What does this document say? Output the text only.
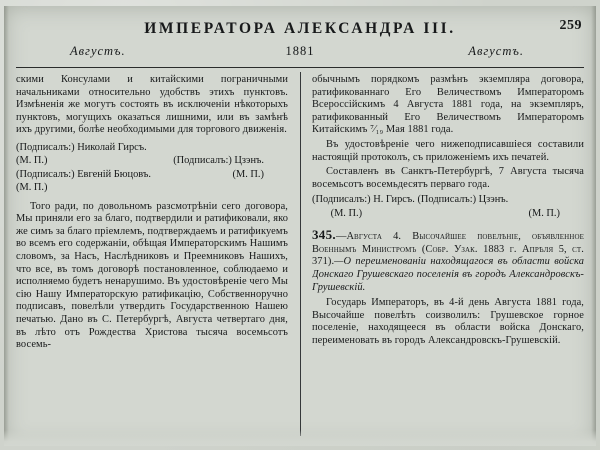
ИМПЕРАТОРА АЛЕКСАНДРА III.	259
Августъ.	1881	Августъ.

скими Консулами и китайскими пограничными начальниками относительно удобствъ этихъ пунктовъ. Измѣненія же могутъ состоять въ исключеніи нѣкоторыхъ пунктовъ, могущихъ оказаться лишними, или въ замѣнѣ ихъ другими, болѣе необходимыми для торгового движенія.

(Подписалъ:) Николай Гирсъ.
(М. П.)	(Подписалъ:) Цзэнъ.
(Подписалъ:) Евгеній Бюцовъ.	(М. П.)
(М. П.)

Того ради, по довольномъ разсмотрѣніи сего договора, Мы приняли его за благо, подтвердили и ратификовали, яко же симъ за благо пріемлемъ, подтверждаемъ и ратификуемъ во всемъ его содержаніи, обѣщая Императорскимъ Нашимъ словомъ, за Насъ, Наслѣдниковъ и Преемниковъ Нашихъ, что все, въ томъ договорѣ постановленное, соблюдаемо и исполняемо будетъ ненарушимо. Въ удостовѣреніе чего Мы сію Нашу Императорскую ратификацію, Собственноручно подписавъ, повелѣли утвердить Государственною Нашею печатью. Дано въ С. Петербургѣ, Августа четвертаго дня, въ лѣто отъ Рождества Христова тысяча восемьсотъ восемь-

обычнымъ порядкомъ размѣнъ экземпляра договора, ратификованнаго Его Величествомъ Императоромъ Всероссійскимъ 4 Августа 1881 года, на экземпляръ, ратификованный Его Величествомъ Императоромъ Китайскимъ ⁷⁄₁₉ Мая 1881 года.

Въ удостовѣреніе чего нижеподписавшіеся составили настоящій протоколъ, съ приложеніемъ ихъ печатей.

Составленъ въ Санктъ-Петербургѣ, 7 Августа тысяча восемьсотъ восемьдесятъ перваго года.

(Подписалъ:) Н. Гирсъ. (Подписалъ:) Цзэнъ.
(М. П.)	(М. П.)

345.—Августа 4. Высочайшее повелѣніе, объявленное Военнымъ Министромъ (Собр. Узак. 1883 г. Апрѣля 5, ст. 371).—О переименованіи находящагося въ области войска Донскаго Грушевскаго поселенія въ городъ Александровскъ-Грушевскій.

Государь Императоръ, въ 4-й день Августа 1881 года, Высочайше повелѣть соизволилъ: Грушевское горное поселеніе, находящееся въ области войска Донскаго, переименовать въ городъ Александровскъ-Грушевскій.
